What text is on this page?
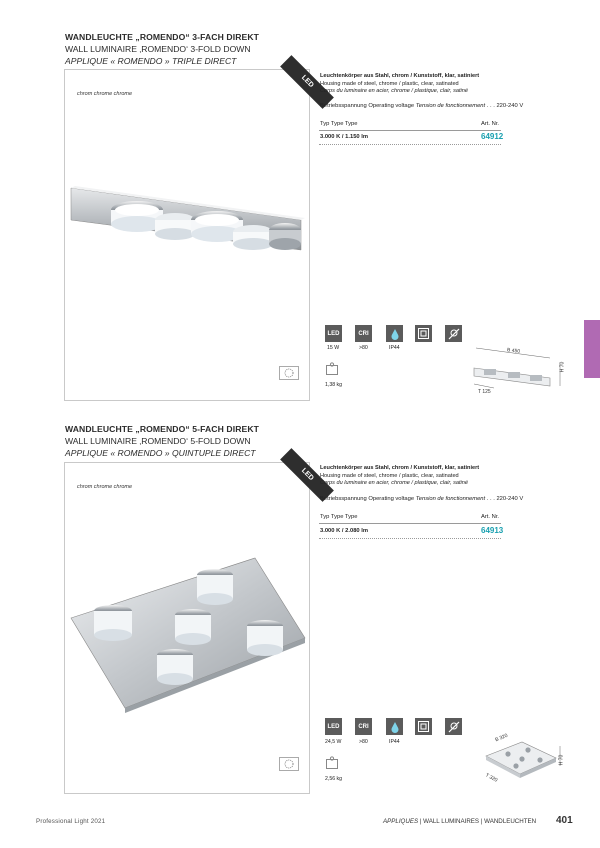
WANDLEUCHTE „ROMENDO“ 3-FACH DIREKT
WALL LUMINAIRE ‚ROMENDO‘ 3-FOLD DOWN
APPLIQUE « ROMENDO » TRIPLE DIRECT
LED
chrom chrome chrome
Leuchtenkörper aus Stahl, chrom / Kunststoff, klar, satiniert
Housing made of steel, chrome / plastic, clear, satinated
Corps du luminaire en acier, chrome / plastique, clair, satiné
Betriebsspannung Operating voltage Tension de fonctionnement . . . 220-240 V
Typ Type Type	Art. Nr.
3.000 K / 1.150 lm	64912
LED	CRI
15 W	>80	IP44
1,38 kg
B 450
H 70
T 125
WANDLEUCHTE „ROMENDO“ 5-FACH DIREKT
WALL LUMINAIRE ‚ROMENDO‘ 5-FOLD DOWN
APPLIQUE « ROMENDO » QUINTUPLE DIRECT
LED
chrom chrome chrome
Leuchtenkörper aus Stahl, chrom / Kunststoff, klar, satiniert
Housing made of steel, chrome / plastic, clear, satinated
Corps du luminaire en acier, chrome / plastique, clair, satiné
Betriebsspannung Operating voltage Tension de fonctionnement . . . 220-240 V
Typ Type Type	Art. Nr.
3.000 K / 2.080 lm	64913
LED	CRI
24,5 W	>80	IP44
2,56 kg
B 320
H 70
T 320
Professional Light 2021	APPLIQUES | WALL LUMINAIRES | WANDLEUCHTEN 401
